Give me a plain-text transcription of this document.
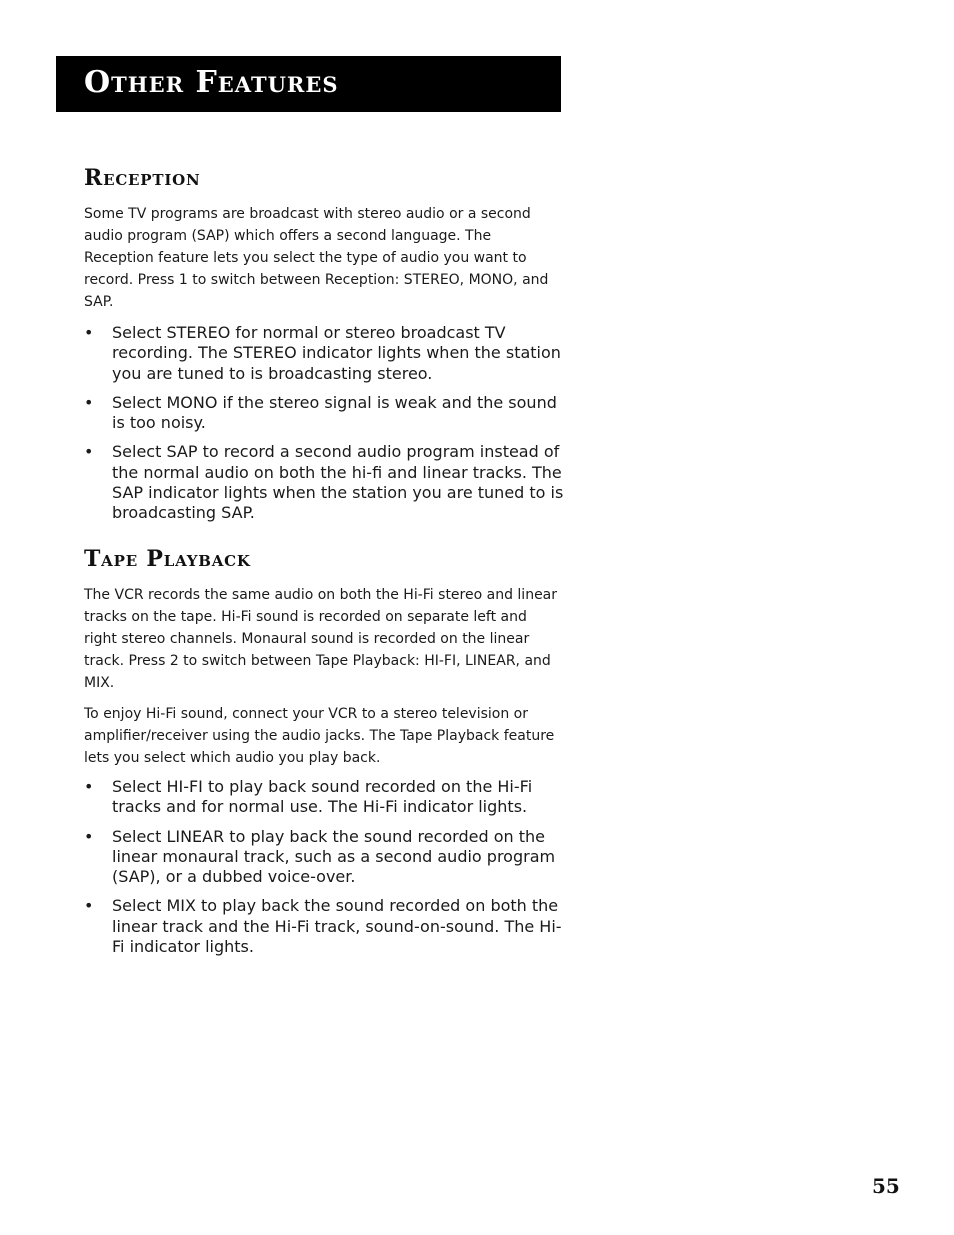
Other Features
Reception

Some TV programs are broadcast with stereo audio or a second audio program (SAP) which offers a second language. The Reception feature lets you select the type of audio you want to record. Press 1 to switch between Reception: STEREO, MONO, and SAP.

• Select STEREO for normal or stereo broadcast TV recording. The STEREO indicator lights when the station you are tuned to is broadcasting stereo.
• Select MONO if the stereo signal is weak and the sound is too noisy.
• Select SAP to record a second audio program instead of the normal audio on both the hi-fi and linear tracks. The SAP indicator lights when the station you are tuned to is broadcasting SAP.
Tape Playback

The VCR records the same audio on both the Hi-Fi stereo and linear tracks on the tape. Hi-Fi sound is recorded on separate left and right stereo channels. Monaural sound is recorded on the linear track. Press 2 to switch between Tape Playback: HI-FI, LINEAR, and MIX.

To enjoy Hi-Fi sound, connect your VCR to a stereo television or amplifier/receiver using the audio jacks. The Tape Playback feature lets you select which audio you play back.

• Select HI-FI to play back sound recorded on the Hi-Fi tracks and for normal use. The Hi-Fi indicator lights.
• Select LINEAR to play back the sound recorded on the linear monaural track, such as a second audio program (SAP), or a dubbed voice-over.
• Select MIX to play back the sound recorded on both the linear track and the Hi-Fi track, sound-on-sound. The Hi-Fi indicator lights.
55
